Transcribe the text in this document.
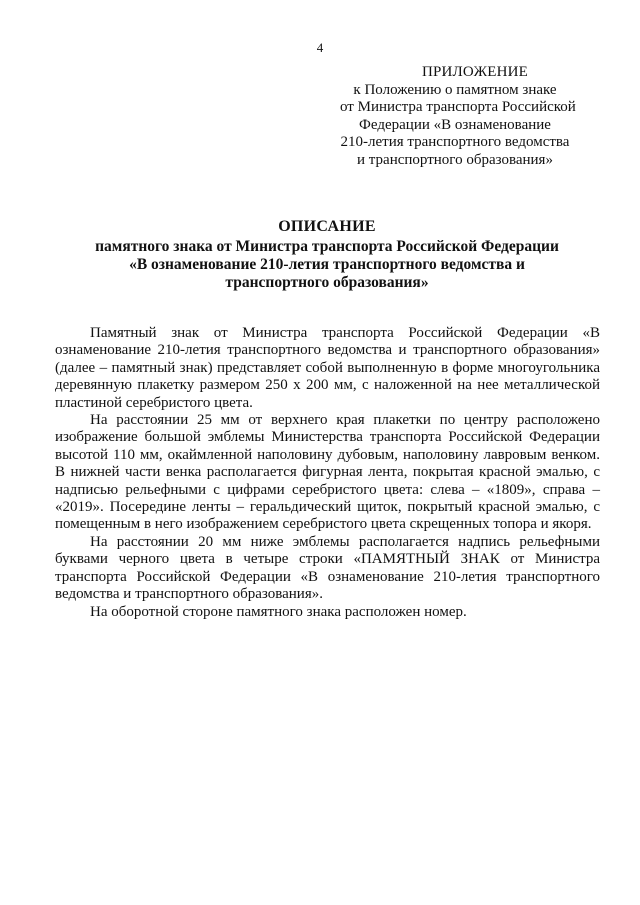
4
ПРИЛОЖЕНИЕ
к Положению о памятном знаке
от Министра транспорта Российской
Федерации «В ознаменование
210-летия транспортного ведомства
и транспортного образования»
ОПИСАНИЕ
памятного знака от Министра транспорта Российской Федерации
«В ознаменование 210-летия транспортного ведомства и
транспортного образования»

Памятный знак от Министра транспорта Российской Федерации «В ознаменование 210-летия транспортного ведомства и транспортного образования» (далее – памятный знак) представляет собой выполненную в форме многоугольника деревянную плакетку размером 250 х 200 мм, с наложенной на нее металлической пластиной серебристого цвета.

На расстоянии 25 мм от верхнего края плакетки по центру расположено изображение большой эмблемы Министерства транспорта Российской Федерации высотой 110 мм, окаймленной наполовину дубовым, наполовину лавровым венком. В нижней части венка располагается фигурная лента, покрытая красной эмалью, с надписью рельефными с цифрами серебристого цвета: слева – «1809», справа – «2019». Посередине ленты – геральдический щиток, покрытый красной эмалью, с помещенным в него изображением серебристого цвета скрещенных топора и якоря.

На расстоянии 20 мм ниже эмблемы располагается надпись рельефными буквами черного цвета в четыре строки «ПАМЯТНЫЙ ЗНАК от Министра транспорта Российской Федерации «В ознаменование 210-летия транспортного ведомства и транспортного образования».

На оборотной стороне памятного знака расположен номер.
